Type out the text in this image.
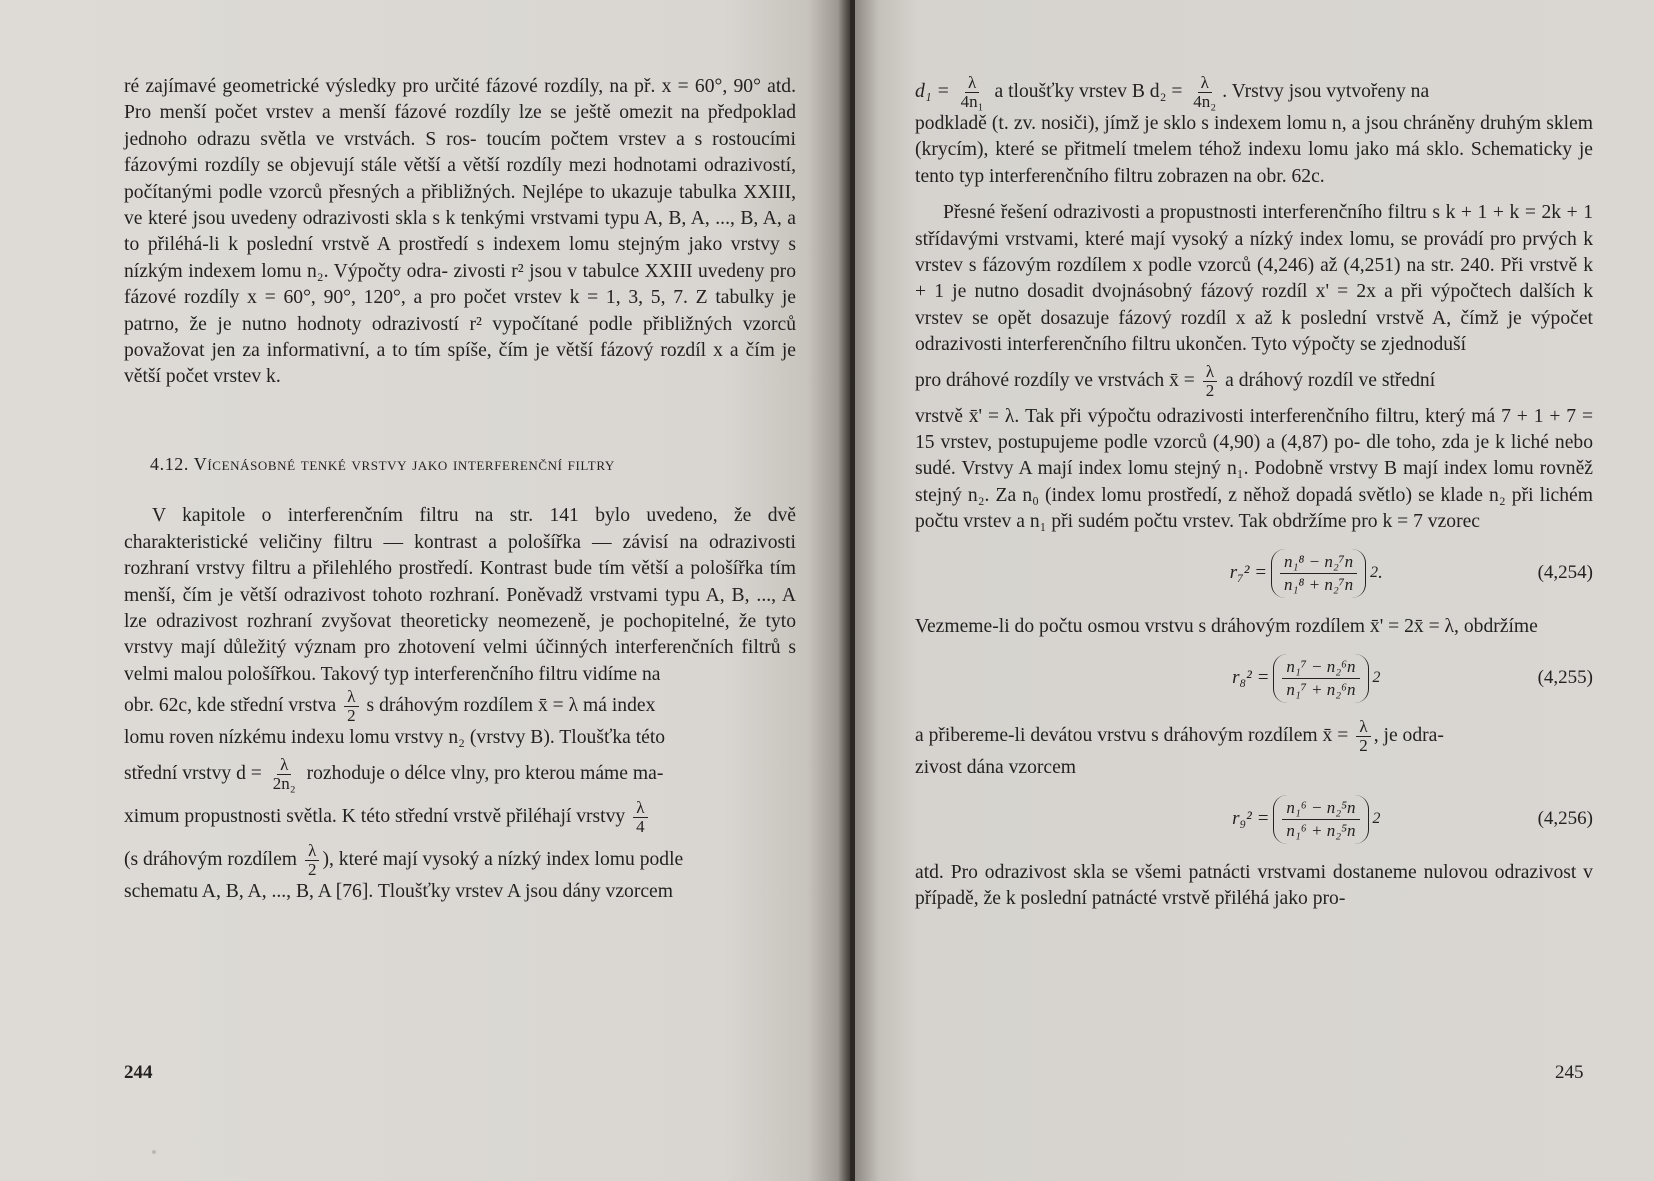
ré zajímavé geometrické výsledky pro určité fázové rozdíly, na př. x = 60°, 90° atd. Pro menší počet vrstev a menší fázové rozdíly lze se ještě omezit na předpoklad jednoho odrazu světla ve vrstvách. S ros- toucím počtem vrstev a s rostoucími fázovými rozdíly se objevují stále větší a větší rozdíly mezi hodnotami odrazivostí, počítanými podle vzorců přesných a přibližných. Nejlépe to ukazuje tabulka XXIII, ve které jsou uvedeny odrazivosti skla s k tenkými vrstvami typu A, B, A, ..., B, A, a to přiléhá-li k poslední vrstvě A prostředí s indexem lomu stejným jako vrstvy s nízkým indexem lomu n₂. Výpočty odra- zivosti r² jsou v tabulce XXIII uvedeny pro fázové rozdíly x = 60°, 90°, 120°, a pro počet vrstev k = 1, 3, 5, 7. Z tabulky je patrno, že je nutno hodnoty odrazivostí r² vypočítané podle přibližných vzorců považovat jen za informativní, a to tím spíše, čím je větší fázový rozdíl x a čím je větší počet vrstev k.

4.12. Vícenásobné tenké vrstvy jako interferenční filtry

V kapitole o interferenčním filtru na str. 141 bylo uvedeno, že dvě charakteristické veličiny filtru — kontrast a pološířka — závisí na odrazivosti rozhraní vrstvy filtru a přilehlého prostředí. Kontrast bude tím větší a pološířka tím menší, čím je větší odrazivost tohoto rozhraní. Poněvadž vrstvami typu A, B, ..., A lze odrazivost rozhraní zvyšovat theoreticky neomezeně, je pochopitelné, že tyto vrstvy mají důležitý význam pro zhotovení velmi účinných interferenčních filtrů s velmi malou pološířkou. Takový typ interferenčního filtru vidíme na

obr. 62c, kde střední vrstva $\frac{\lambda}{2}$ s dráhovým rozdílem x̄ = λ má index

lomu roven nízkému indexu lomu vrstvy n₂ (vrstvy B). Tloušťka této

střední vrstvy $d = \frac{\lambda}{\text{2n₂}}$ rozhoduje o délce vlny, pro kterou máme ma-

ximum propustnosti světla. K této střední vrstvě přiléhají vrstvy $\frac{\lambda}{4}$

(s dráhovým rozdílem $\frac{\lambda}{2}$ ), které mají vysoký a nízký index lomu podle

schematu A, B, A, ..., B, A [76]. Tloušťky vrstev A jsou dány vzorcem

244

$d_1 = \frac{\lambda}{\text{4n₁}}$ a tloušťky vrstev B $d_2 = \frac{\lambda}{\text{4n₂}}$ . Vrstvy jsou vytvořeny na

podkladě (t. zv. nosiči), jímž je sklo s indexem lomu n, a jsou chráněny druhým sklem (krycím), které se přitmelí tmelem téhož indexu lomu jako má sklo. Schematicky je tento typ interferenčního filtru zobrazen na obr. 62c.

Přesné řešení odrazivosti a propustnosti interferenčního filtru s k + 1 + k = 2k + 1 střídavými vrstvami, které mají vysoký a nízký index lomu, se provádí pro prvých k vrstev s fázovým rozdílem x podle vzorců (4,246) až (4,251) na str. 240. Při vrstvě k + 1 je nutno dosadit dvojnásobný fázový rozdíl x' = 2x a při výpočtech dalších k vrstev se opět dosazuje fázový rozdíl x až k poslední vrstvě A, čímž je výpočet odrazivosti interferenčního filtru ukončen. Tyto výpočty se zjednoduší

pro dráhové rozdíly ve vrstvách x̄ = $\frac{\lambda}{2}$ a dráhový rozdíl ve střední

vrstvě x̄' = λ. Tak při výpočtu odrazivosti interferenčního filtru, který má 7 + 1 + 7 = 15 vrstev, postupujeme podle vzorců (4,90) a (4,87) po- dle toho, zda je k liché nebo sudé. Vrstvy A mají index lomu stejný n₁. Podobně vrstvy B mají index lomu rovněž stejný n₂. Za n₀ (index lomu prostředí, z něhož dopadá světlo) se klade n₂ při lichém počtu vrstev a n₁ při sudém počtu vrstev. Tak obdržíme pro k = 7 vzorec

$r_7^2 = \frac{\text{n₁⁸ − n₂⁷n}}{\text{n₁⁸ + n₂⁷n}} 2$ .	(4,254)

Vezmeme-li do počtu osmou vrstvu s dráhovým rozdílem x̄' = 2x̄ = λ, obdržíme

$r_8^2 = \frac{\text{n₁⁷ − n₂⁶n}}{\text{n₁⁷ + n₂⁶n}} 2$	(4,255)

a přibereme-li devátou vrstvu s dráhovým rozdílem x̄ = $\frac{\lambda}{2}$ , je odra-

zivost dána vzorcem

$r_9^2 = \frac{\text{n₁⁶ − n₂⁵n}}{\text{n₁⁶ + n₂⁵n}} 2$	(4,256)

atd. Pro odrazivost skla se všemi patnácti vrstvami dostaneme nulovou odrazivost v případě, že k poslední patnácté vrstvě přiléhá jako pro-

245
